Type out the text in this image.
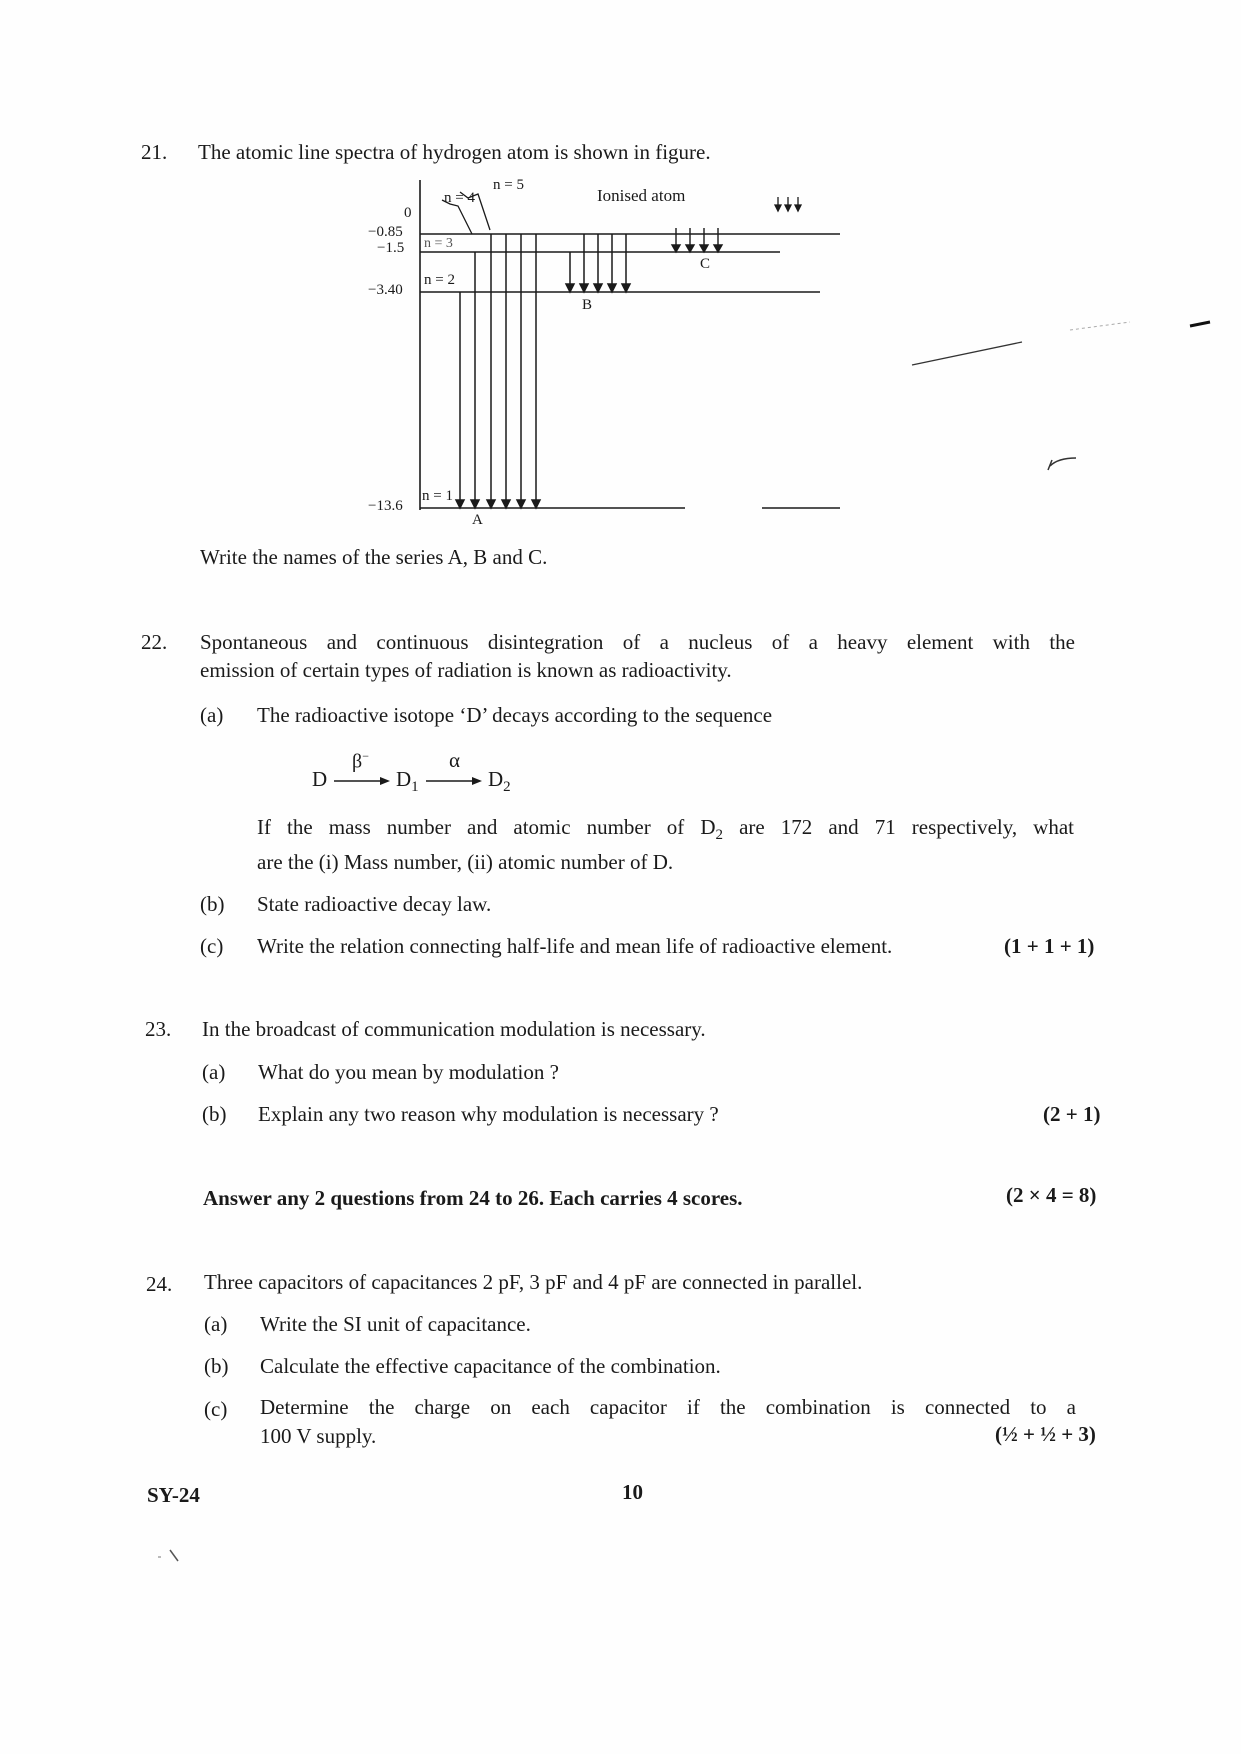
21. The atomic line spectra of hydrogen atom is shown in figure.
n = 4
n = 5
n = 3
n = 2
n = 1
0
−0.85
−1.5
−3.40
−13.6
Ionised atom
A
B
C
Write the names of the series A, B and C.
22. Spontaneous and continuous disintegration of a nucleus of a heavy element with the
emission of certain types of radiation is known as radioactivity.
(a) The radioactive isotope ‘D’ decays according to the sequence
D
β−
$D_1$
α
$D_2$
If the mass number and atomic number of $D_2$ are 172 and 71 respectively, what
are the (i) Mass number, (ii) atomic number of D.
(b) State radioactive decay law.
(c) Write the relation connecting half-life and mean life of radioactive element.	(1 + 1 + 1)
23. In the broadcast of communication modulation is necessary.
(a) What do you mean by modulation ?
(b) Explain any two reason why modulation is necessary ?	(2 + 1)
Answer any 2 questions from 24 to 26. Each carries 4 scores.	(2 × 4 = 8)
24. Three capacitors of capacitances 2 pF, 3 pF and 4 pF are connected in parallel.
(a) Write the SI unit of capacitance.
(b) Calculate the effective capacitance of the combination.
(c) Determine the charge on each capacitor if the combination is connected to a
100 V supply.	(½ + ½ + 3)
SY-24	10
